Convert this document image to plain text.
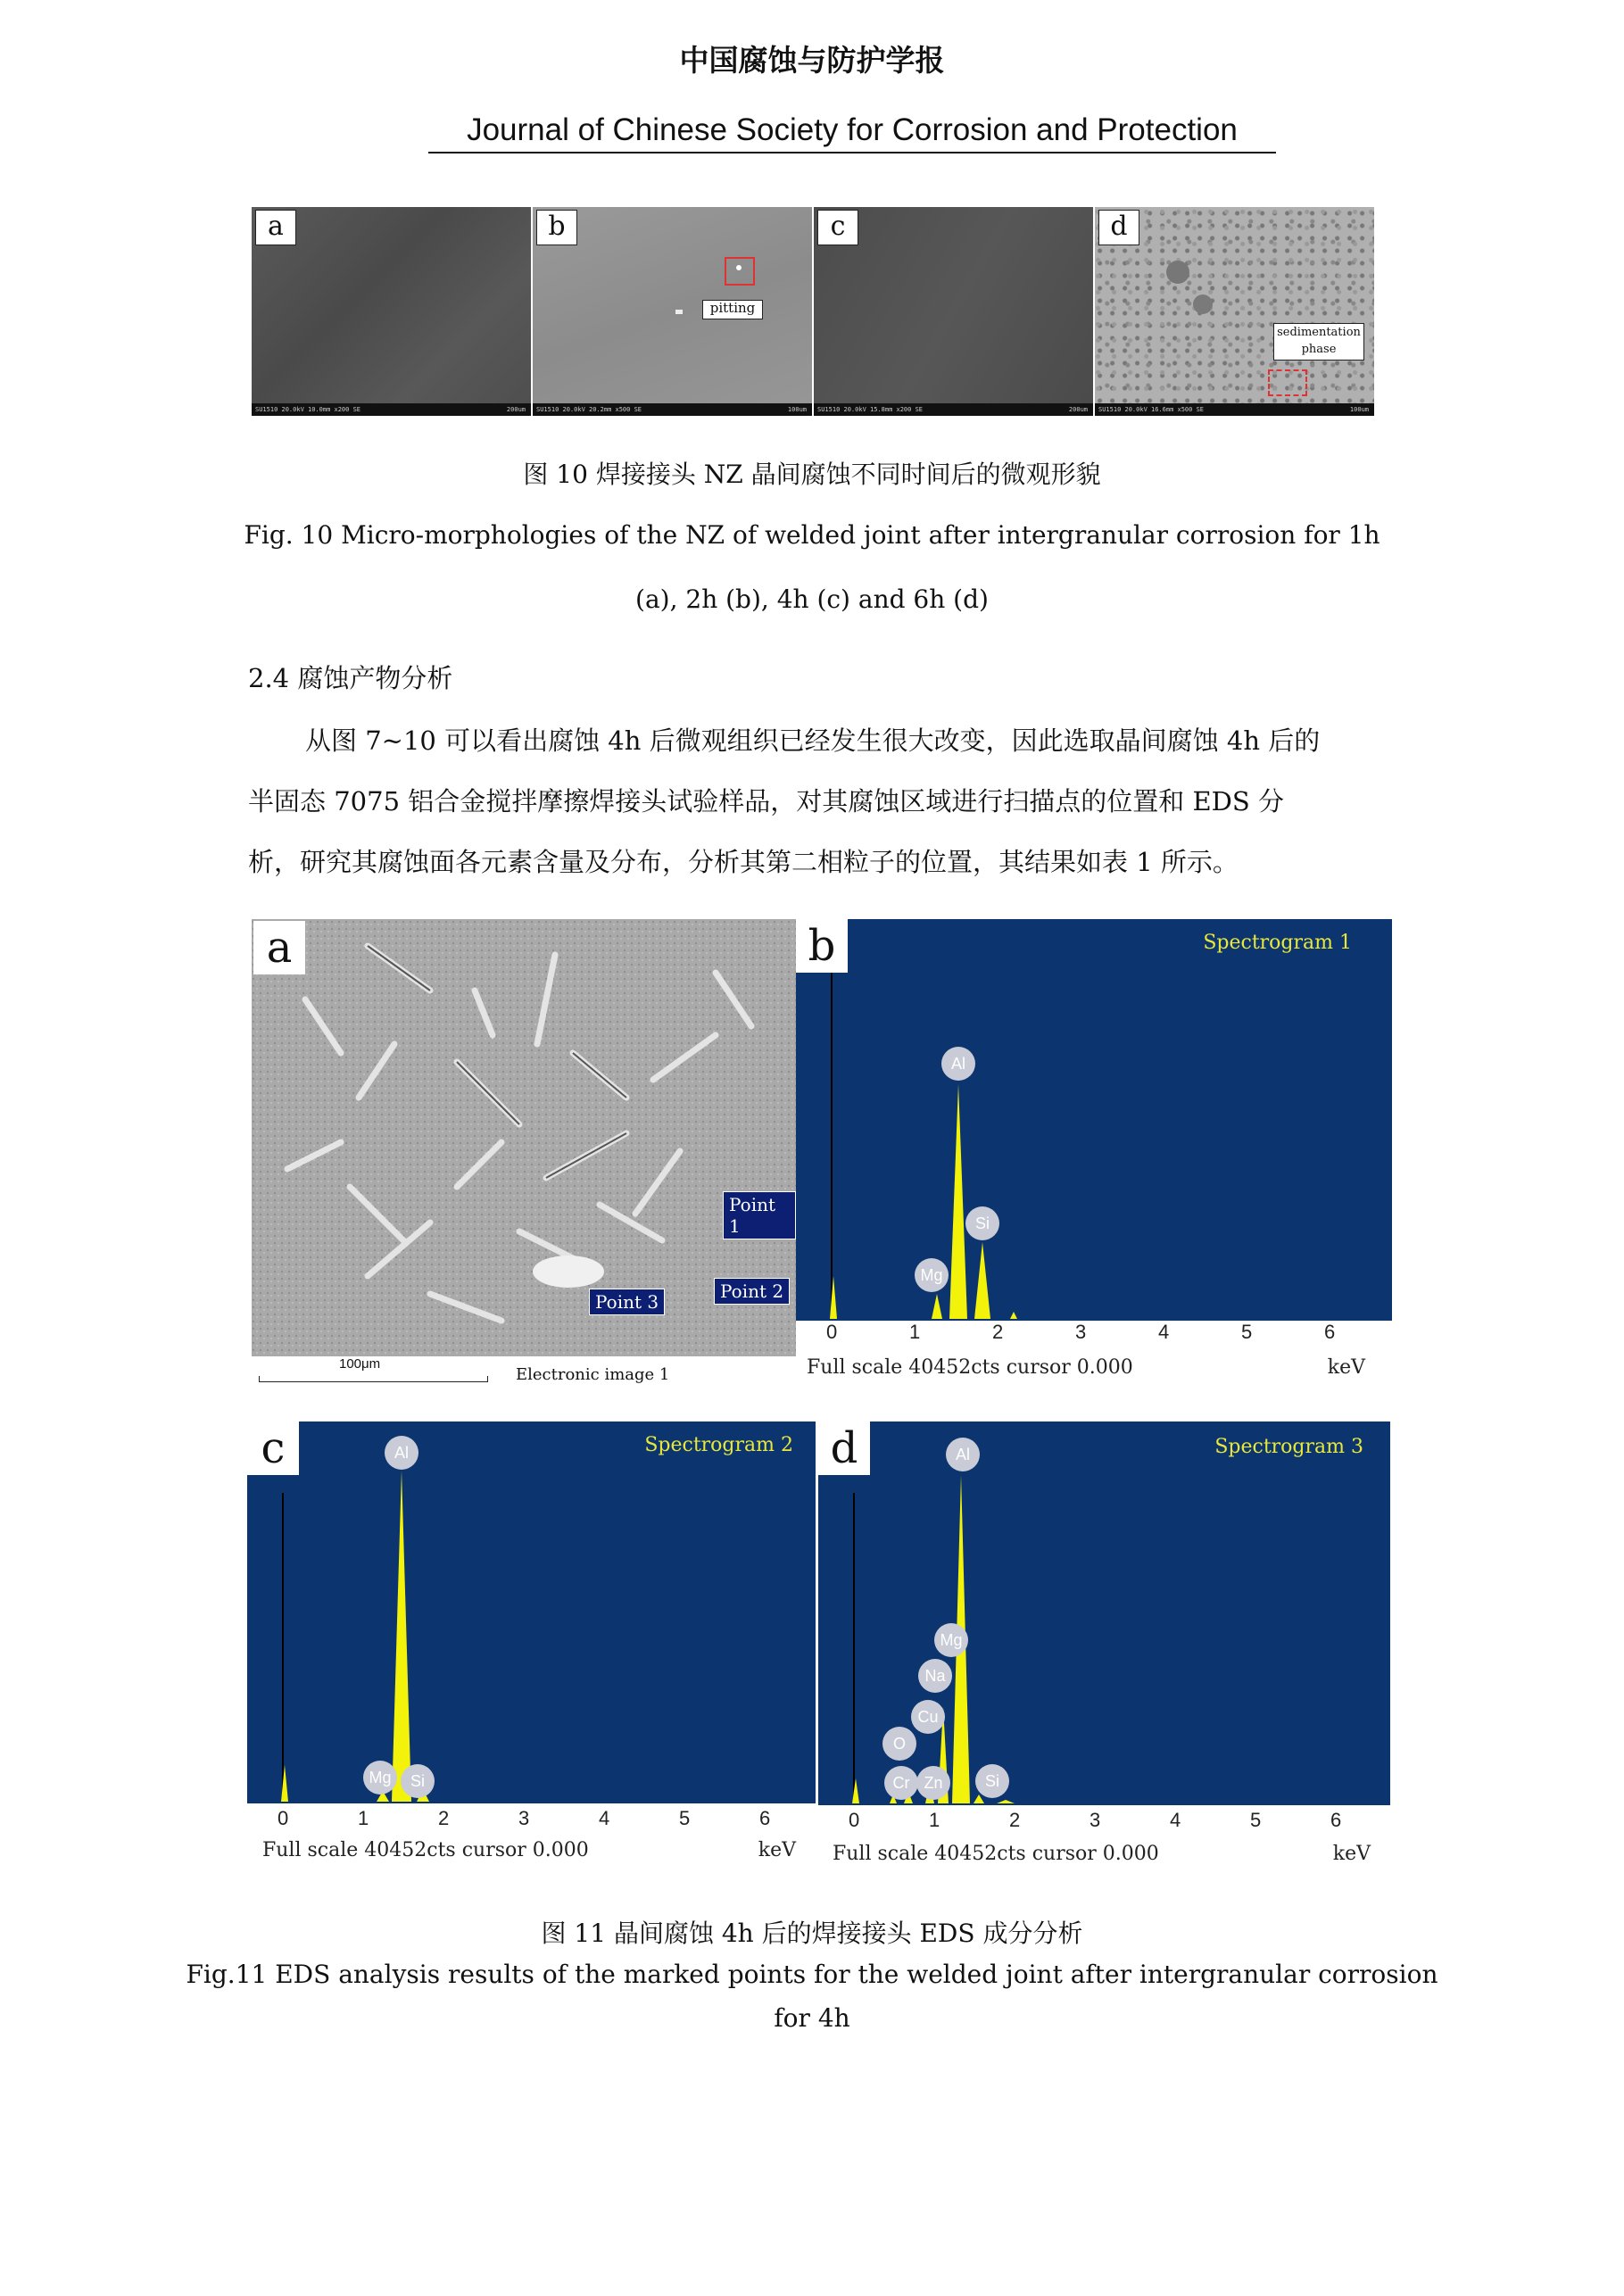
中国腐蚀与防护学报
Journal of Chinese Society for Corrosion and Protection
a
SU1510 20.0kV 10.0mm x200 SE	200um
b
pitting
SU1510 20.0kV 20.2mm x500 SE	100um
c
SU1510 20.0kV 15.8mm x200 SE	200um
d
sedimentation
phase
SU1510 20.0kV 16.6mm x500 SE	100um
图 10 焊接接头 NZ 晶间腐蚀不同时间后的微观形貌
Fig. 10 Micro-morphologies of the NZ of welded joint after intergranular corrosion for 1h
(a), 2h (b), 4h (c) and 6h (d)
2.4 腐蚀产物分析
从图 7~10 可以看出腐蚀 4h 后微观组织已经发生很大改变，因此选取晶间腐蚀 4h 后的
半固态 7075 铝合金搅拌摩擦焊接头试验样品，对其腐蚀区域进行扫描点的位置和 EDS 分
析，研究其腐蚀面各元素含量及分布，分析其第二相粒子的位置，其结果如表 1 所示。
a
Point 1
Point 2
Point 3
100μm
Electronic image 1
b	Spectrogram 1
Al
Si
Mg
0	1	2	3	4	5	6
Full scale 40452cts cursor 0.000	keV
c	Spectrogram 2
Al
Mg	Si
0	1	2	3	4	5	6
Full scale 40452cts cursor 0.000	keV
d	Spectrogram 3
Al
Mg
Na
Cu
O
Cr Zn	Si
0	1	2	3	4	5	6
Full scale 40452cts cursor 0.000	keV
图 11 晶间腐蚀 4h 后的焊接接头 EDS 成分分析
Fig.11 EDS analysis results of the marked points for the welded joint after intergranular corrosion
for 4h
